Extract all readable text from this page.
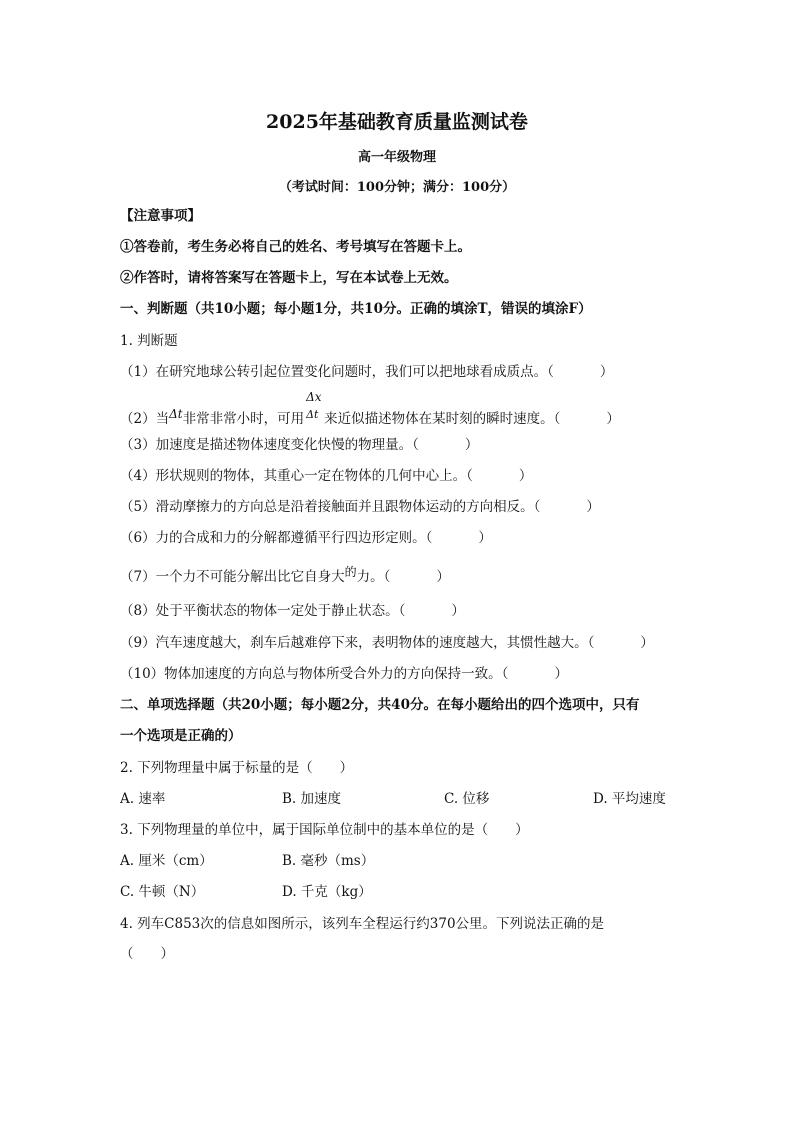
2025年基础教育质量监测试卷
高一年级物理
（考试时间：100分钟；满分：100分）
【注意事项】
①答卷前，考生务必将自己的姓名、考号填写在答题卡上。
②作答时，请将答案写在答题卡上，写在本试卷上无效。
一、判断题（共10小题；每小题1分，共10分。正确的填涂T，错误的填涂F）
1. 判断题
（1）在研究地球公转引起位置变化问题时，我们可以把地球看成质点。（	）
（2）当Δt非常非常小时，可用
Δx
Δt 来近似描述物体在某时刻的瞬时速度。（	）
（3）加速度是描述物体速度变化快慢的物理量。（	）
（4）形状规则的物体，其重心一定在物体的几何中心上。（	）
（5）滑动摩擦力的方向总是沿着接触面并且跟物体运动的方向相反。（	）
（6）力的合成和力的分解都遵循平行四边形定则。（	）
（7）一个力不可能分解出比它自身大的力。（	）
（8）处于平衡状态的物体一定处于静止状态。（	）
（9）汽车速度越大，刹车后越难停下来，表明物体的速度越大，其惯性越大。（	）
（10）物体加速度的方向总与物体所受合外力的方向保持一致。（	）
二、单项选择题（共20小题；每小题2分，共40分。在每小题给出的四个选项中，只有
一个选项是正确的）
2. 下列物理量中属于标量的是（　　）
A. 速率	B. 加速度	C. 位移	D. 平均速度
3. 下列物理量的单位中，属于国际单位制中的基本单位的是（　　）
A. 厘米（cm）	B. 毫秒（ms）
C. 牛顿（N）	D. 千克（kg）
4. 列车C853次的信息如图所示，该列车全程运行约370公里。下列说法正确的是
（　　）
